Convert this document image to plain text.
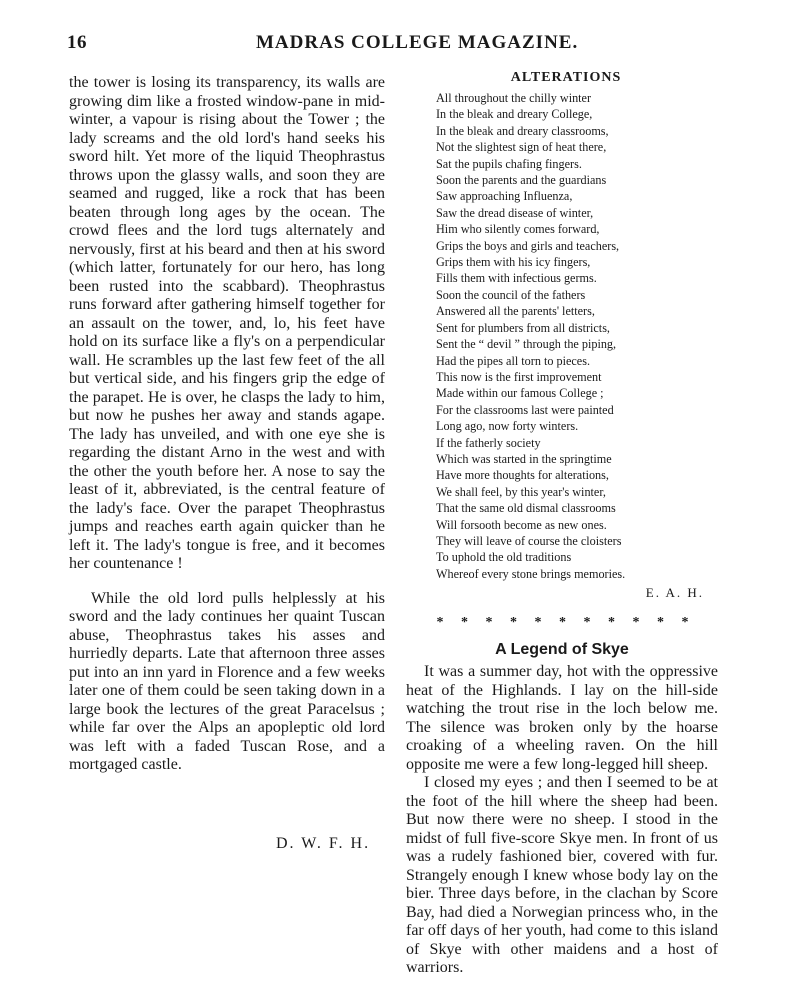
16	MADRAS COLLEGE MAGAZINE.

the tower is losing its transparency, its walls are growing dim like a frosted window-pane in mid-winter, a vapour is rising about the Tower ; the lady screams and the old lord's hand seeks his sword hilt. Yet more of the liquid Theophrastus throws upon the glassy walls, and soon they are seamed and rugged, like a rock that has been beaten through long ages by the ocean. The crowd flees and the lord tugs alternately and nervously, first at his beard and then at his sword (which latter, fortunately for our hero, has long been rusted into the scabbard). Theophrastus runs forward after gathering himself together for an assault on the tower, and, lo, his feet have hold on its surface like a fly's on a perpendicular wall. He scrambles up the last few feet of the all but vertical side, and his fingers grip the edge of the parapet. He is over, he clasps the lady to him, but now he pushes her away and stands agape. The lady has unveiled, and with one eye she is regarding the distant Arno in the west and with the other the youth before her. A nose to say the least of it, abbreviated, is the central feature of the lady's face. Over the parapet Theophrastus jumps and reaches earth again quicker than he left it. The lady's tongue is free, and it becomes her countenance !

While the old lord pulls helplessly at his sword and the lady continues her quaint Tuscan abuse, Theophrastus takes his asses and hurriedly departs. Late that afternoon three asses put into an inn yard in Florence and a few weeks later one of them could be seen taking down in a large book the lectures of the great Paracelsus ; while far over the Alps an apopleptic old lord was left with a faded Tuscan Rose, and a mortgaged castle.

D. W. F. H.
ALTERATIONS
All throughout the chilly winter
In the bleak and dreary College,
In the bleak and dreary classrooms,
Not the slightest sign of heat there,
Sat the pupils chafing fingers.
Soon the parents and the guardians
Saw approaching Influenza,
Saw the dread disease of winter,
Him who silently comes forward,
Grips the boys and girls and teachers,
Grips them with his icy fingers,
Fills them with infectious germs.
Soon the council of the fathers
Answered all the parents' letters,
Sent for plumbers from all districts,
Sent the “ devil ” through the piping,
Had the pipes all torn to pieces.
This now is the first improvement
Made within our famous College ;
For the classrooms last were painted
Long ago, now forty winters.
If the fatherly society
Which was started in the springtime
Have more thoughts for alterations,
We shall feel, by this year's winter,
That the same old dismal classrooms
Will forsooth become as new ones.
They will leave of course the cloisters
To uphold the old traditions
Whereof every stone brings memories.
E. A. H.
* * * * * * * * * * *
A Legend of Skye

It was a summer day, hot with the oppressive heat of the Highlands. I lay on the hill-side watching the trout rise in the loch below me. The silence was broken only by the hoarse croaking of a wheeling raven. On the hill opposite me were a few long-legged hill sheep.

I closed my eyes ; and then I seemed to be at the foot of the hill where the sheep had been. But now there were no sheep. I stood in the midst of full five-score Skye men. In front of us was a rudely fashioned bier, covered with fur. Strangely enough I knew whose body lay on the bier. Three days before, in the clachan by Score Bay, had died a Norwegian princess who, in the far off days of her youth, had come to this island of Skye with other maidens and a host of warriors.
